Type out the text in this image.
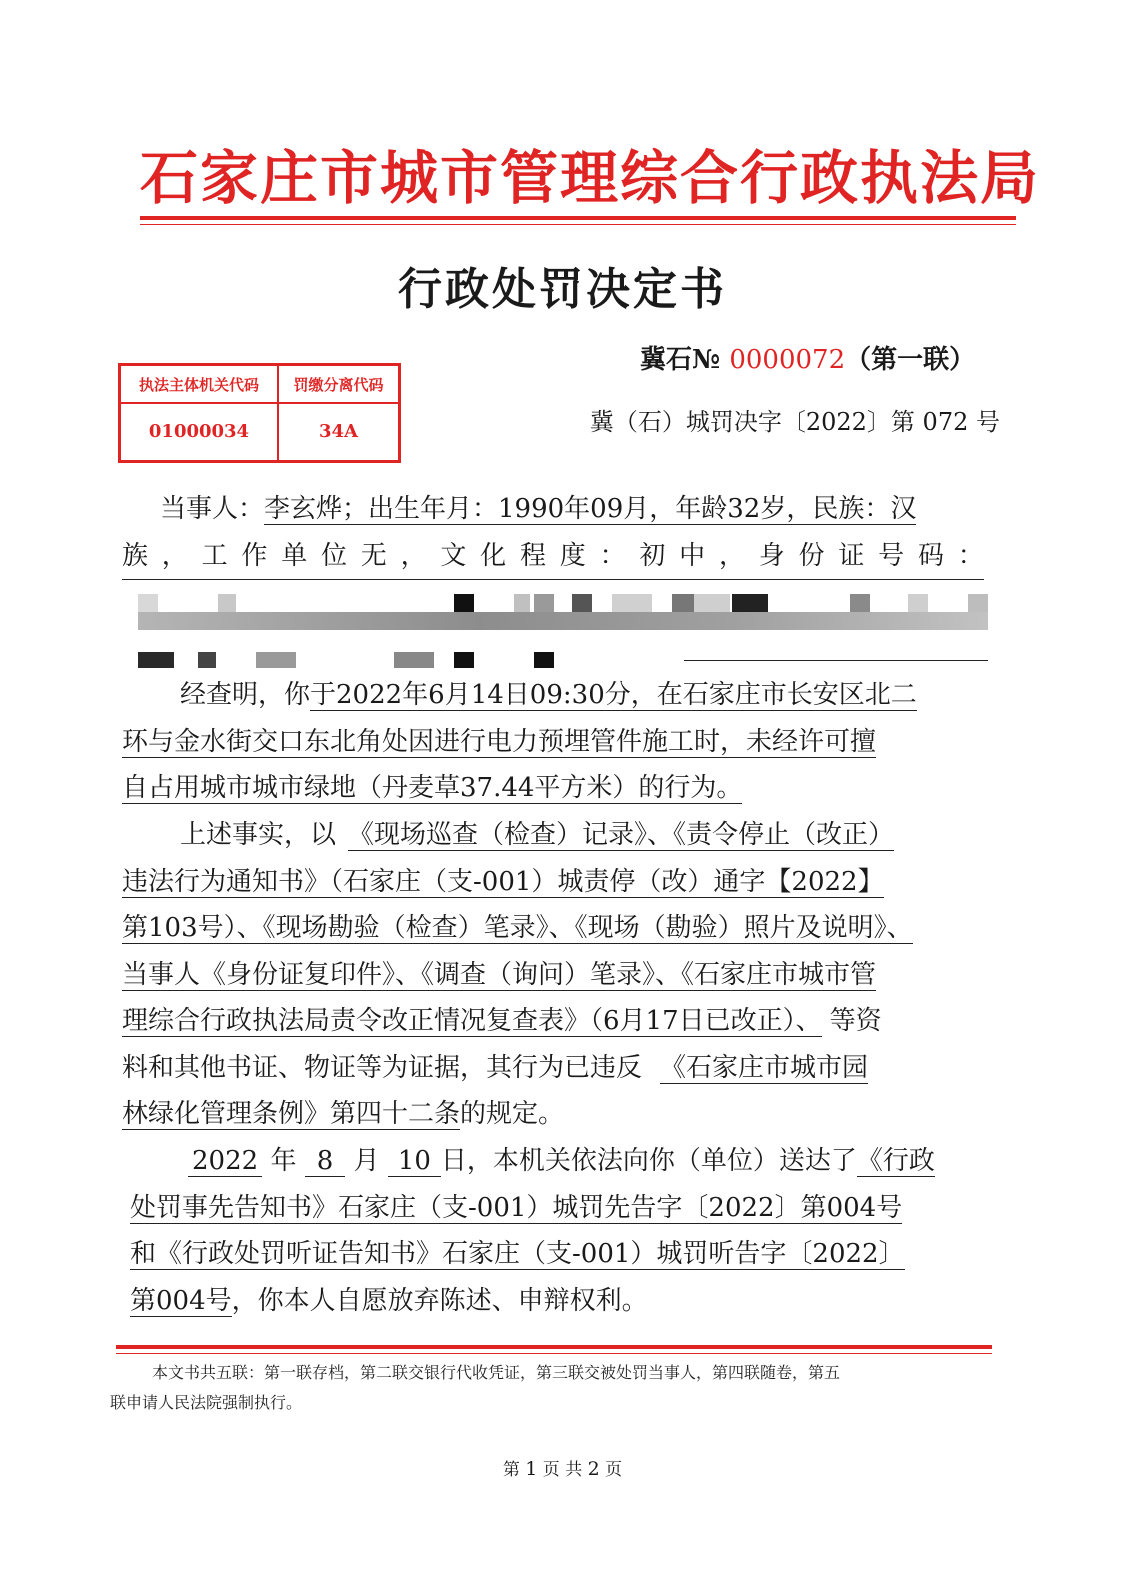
石家庄市城市管理综合行政执法局
行政处罚决定书
执法主体机关代码	罚缴分离代码
01000034	34A
冀石№ 0000072（第一联）
冀（石）城罚决字〔2022〕第 072 号
当事人：李玄烨；出生年月：1990年09月，年龄32岁，民族：汉
族 ， 工 作 单 位 无 ， 文 化 程 度 ： 初 中 ， 身 份 证 号 码 ：
经查明，你于2022年6月14日09:30分，在石家庄市长安区北二
环与金水街交口东北角处因进行电力预埋管件施工时，未经许可擅
自占用城市城市绿地（丹麦草37.44平方米）的行为。
上述事实，以 《现场巡查（检查）记录》、《责令停止（改正）
违法行为通知书》（石家庄（支-001）城责停（改）通字【2022】
第103号）、《现场勘验（检查）笔录》、《现场（勘验）照片及说明》、
当事人《身份证复印件》、《调查（询问）笔录》、《石家庄市城市管
理综合行政执法局责令改正情况复查表》（6月17日已改正）、 等资
料和其他书证、物证等为证据，其行为已违反 《石家庄市城市园
林绿化管理条例》第四十二条的规定。
2022 年 8 月 10 日，本机关依法向你（单位）送达了《行政
处罚事先告知书》石家庄（支-001）城罚先告字〔2022〕第004号
和《行政处罚听证告知书》石家庄（支-001）城罚听告字〔2022〕
第004号，你本人自愿放弃陈述、申辩权利。
本文书共五联：第一联存档，第二联交银行代收凭证，第三联交被处罚当事人，第四联随卷，第五
联申请人民法院强制执行。
第 1 页 共 2 页
